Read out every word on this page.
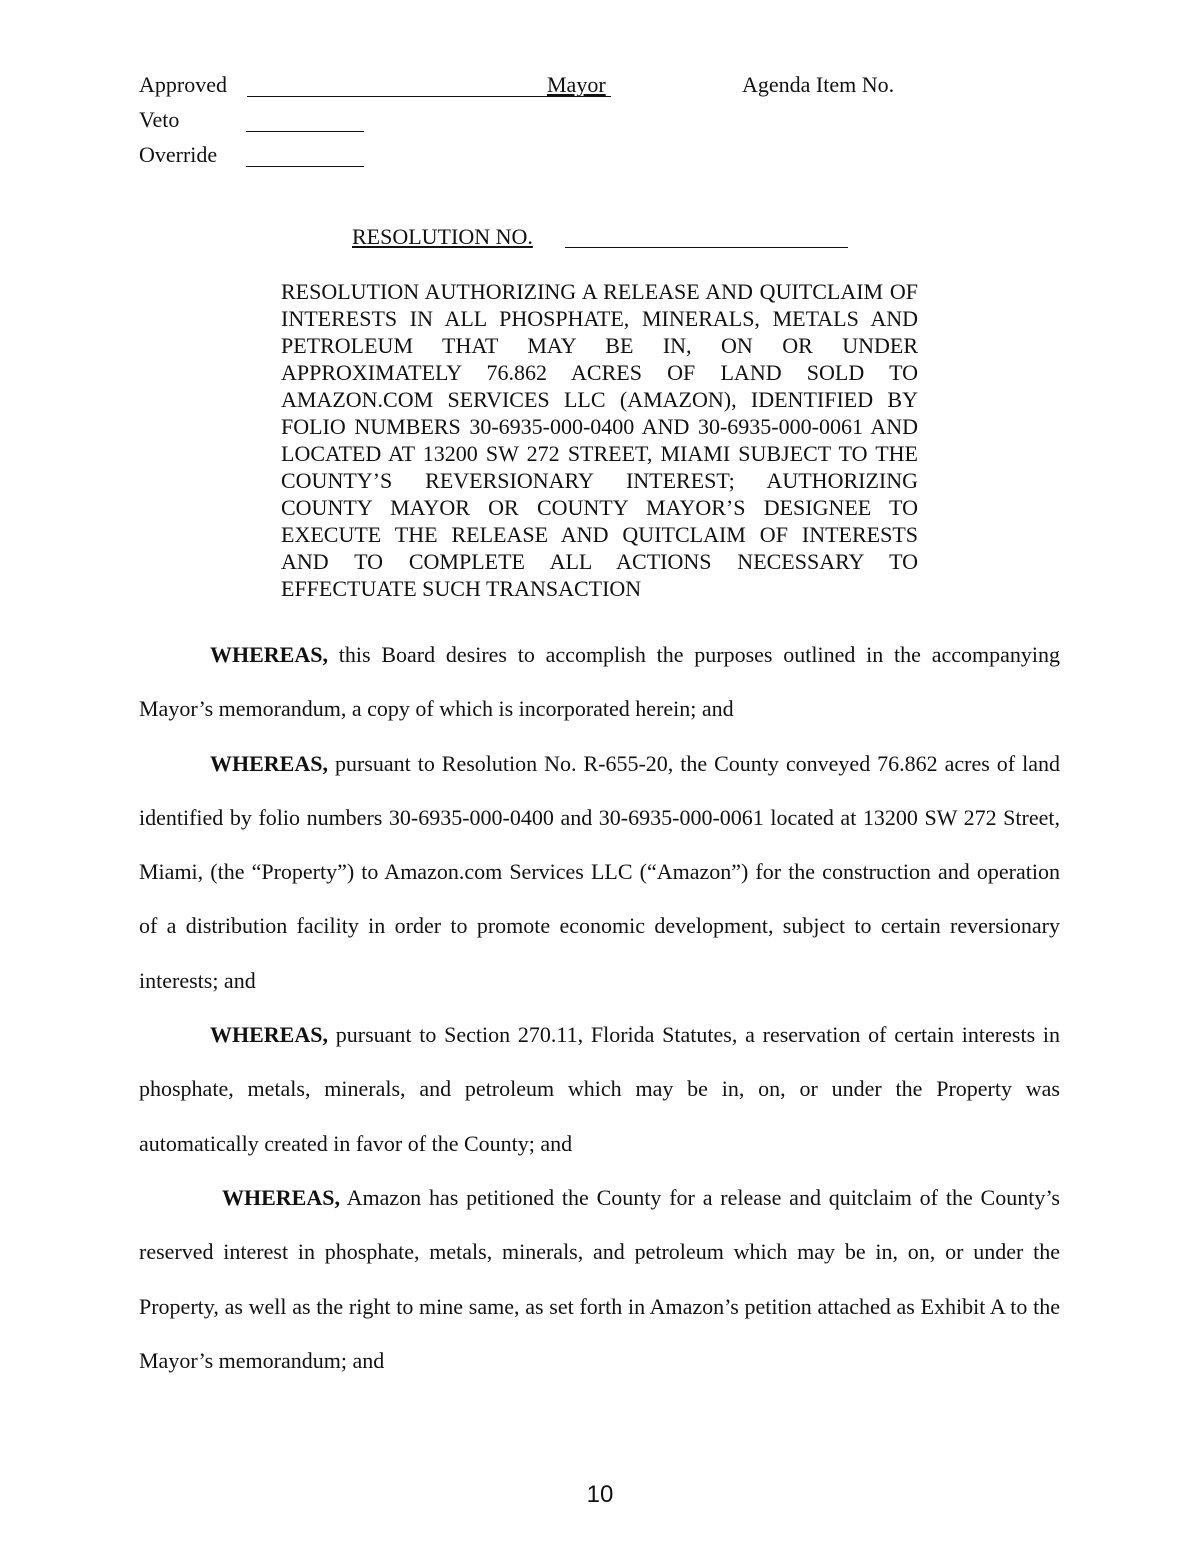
Approved	Mayor	Agenda Item No.
Veto
Override
RESOLUTION NO.
RESOLUTION AUTHORIZING A RELEASE AND QUITCLAIM OF INTERESTS IN ALL PHOSPHATE, MINERALS, METALS AND PETROLEUM THAT MAY BE IN, ON OR UNDER APPROXIMATELY 76.862 ACRES OF LAND SOLD TO AMAZON.COM SERVICES LLC (AMAZON), IDENTIFIED BY FOLIO NUMBERS 30-6935-000-0400 AND 30-6935-000-0061 AND LOCATED AT 13200 SW 272 STREET, MIAMI SUBJECT TO THE COUNTY’S REVERSIONARY INTEREST; AUTHORIZING COUNTY MAYOR OR COUNTY MAYOR’S DESIGNEE TO EXECUTE THE RELEASE AND QUITCLAIM OF INTERESTS AND TO COMPLETE ALL ACTIONS NECESSARY TO EFFECTUATE SUCH TRANSACTION

WHEREAS, this Board desires to accomplish the purposes outlined in the accompanying Mayor’s memorandum, a copy of which is incorporated herein; and

WHEREAS, pursuant to Resolution No. R-655-20, the County conveyed 76.862 acres of land identified by folio numbers 30-6935-000-0400 and 30-6935-000-0061 located at 13200 SW 272 Street, Miami, (the “Property”) to Amazon.com Services LLC (“Amazon”) for the construction and operation of a distribution facility in order to promote economic development, subject to certain reversionary interests; and

WHEREAS, pursuant to Section 270.11, Florida Statutes, a reservation of certain interests in phosphate, metals, minerals, and petroleum which may be in, on, or under the Property was automatically created in favor of the County; and

WHEREAS, Amazon has petitioned the County for a release and quitclaim of the County’s reserved interest in phosphate, metals, minerals, and petroleum which may be in, on, or under the Property, as well as the right to mine same, as set forth in Amazon’s petition attached as Exhibit A to the Mayor’s memorandum; and

10
